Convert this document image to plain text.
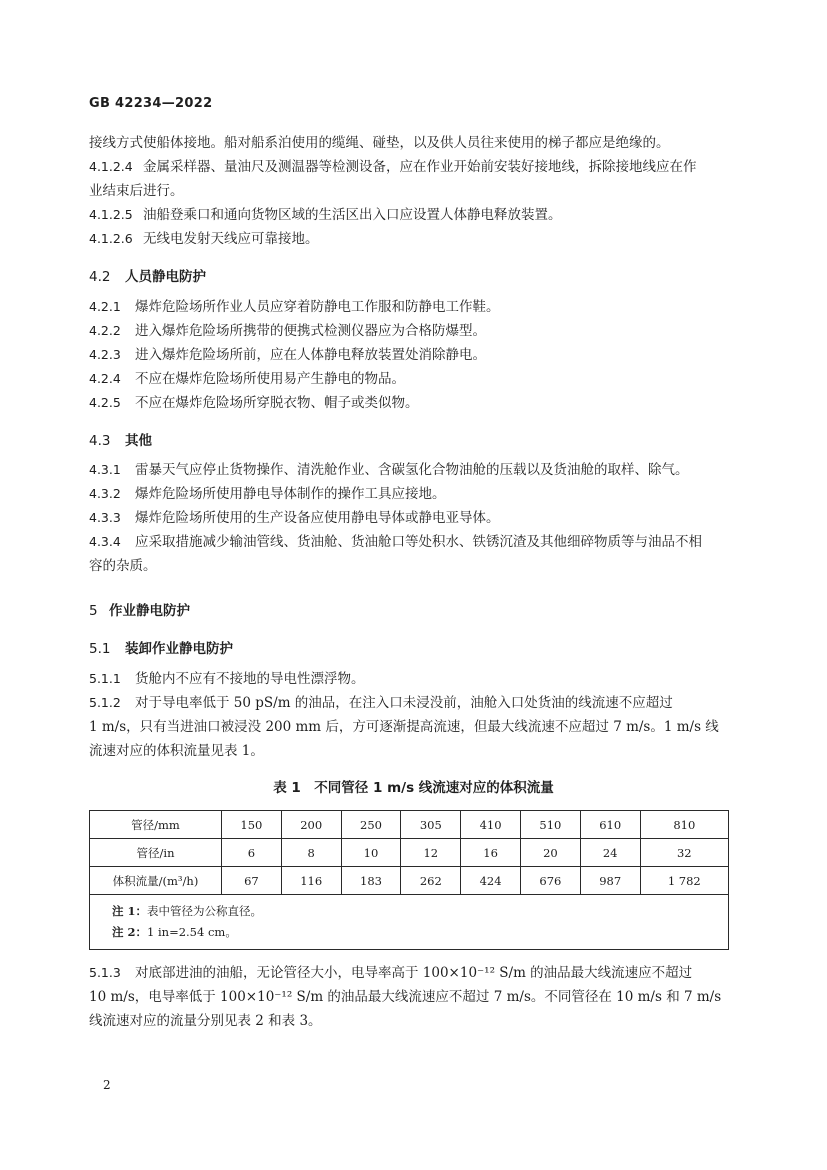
GB 42234—2022
接线方式使船体接地。船对船系泊使用的缆绳、碰垫，以及供人员往来使用的梯子都应是绝缘的。
4.1.2.4 金属采样器、量油尺及测温器等检测设备，应在作业开始前安装好接地线，拆除接地线应在作
业结束后进行。
4.1.2.5 油船登乘口和通向货物区域的生活区出入口应设置人体静电释放装置。
4.1.2.6 无线电发射天线应可靠接地。
4.2 人员静电防护
4.2.1 爆炸危险场所作业人员应穿着防静电工作服和防静电工作鞋。
4.2.2 进入爆炸危险场所携带的便携式检测仪器应为合格防爆型。
4.2.3 进入爆炸危险场所前，应在人体静电释放装置处消除静电。
4.2.4 不应在爆炸危险场所使用易产生静电的物品。
4.2.5 不应在爆炸危险场所穿脱衣物、帽子或类似物。
4.3 其他
4.3.1 雷暴天气应停止货物操作、清洗舱作业、含碳氢化合物油舱的压载以及货油舱的取样、除气。
4.3.2 爆炸危险场所使用静电导体制作的操作工具应接地。
4.3.3 爆炸危险场所使用的生产设备应使用静电导体或静电亚导体。
4.3.4 应采取措施减少输油管线、货油舱、货油舱口等处积水、铁锈沉渣及其他细碎物质等与油品不相
容的杂质。
5 作业静电防护
5.1 装卸作业静电防护
5.1.1 货舱内不应有不接地的导电性漂浮物。
5.1.2 对于导电率低于 50 pS/m 的油品，在注入口未浸没前，油舱入口处货油的线流速不应超过
1 m/s，只有当进油口被浸没 200 mm 后，方可逐渐提高流速，但最大线流速不应超过 7 m/s。1 m/s 线
流速对应的体积流量见表 1。
表 1　不同管径 1 m/s 线流速对应的体积流量
管径/mm	150	200	250	305	410	510	610	810
管径/in	6	8	10	12	16	20	24	32
体积流量/(m³/h)	67	116	183	262	424	676	987	1 782

注 1：表中管径为公称直径。
注 2：1 in=2.54 cm。								
5.1.3 对底部进油的油船，无论管径大小，电导率高于 100×10⁻¹² S/m 的油品最大线流速应不超过
10 m/s，电导率低于 100×10⁻¹² S/m 的油品最大线流速应不超过 7 m/s。不同管径在 10 m/s 和 7 m/s
线流速对应的流量分别见表 2 和表 3。
2
